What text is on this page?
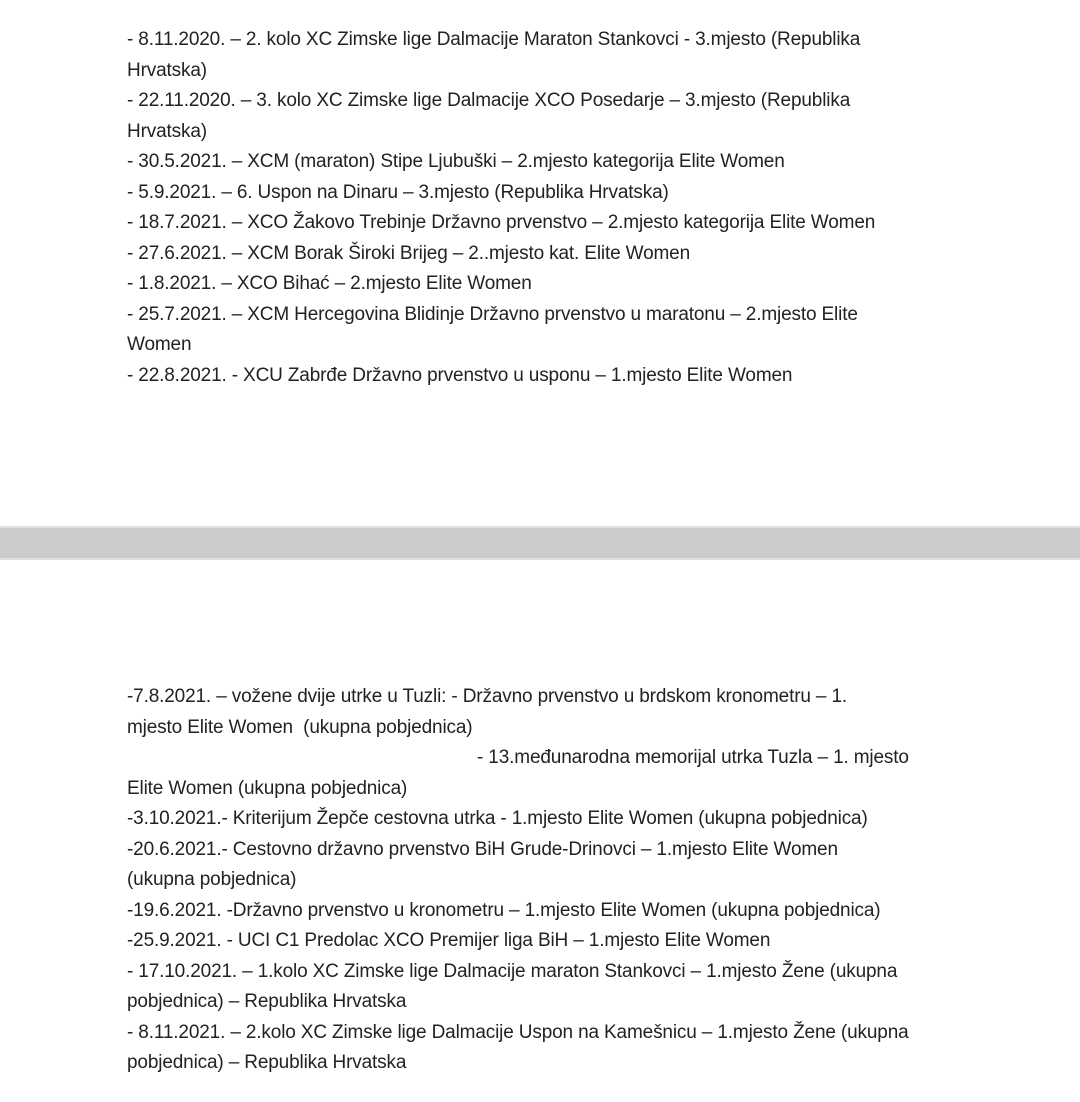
- 8.11.2020. – 2. kolo XC Zimske lige Dalmacije Maraton Stankovci - 3.mjesto (Republika
Hrvatska)
- 22.11.2020. – 3. kolo XC Zimske lige Dalmacije XCO Posedarje – 3.mjesto (Republika
Hrvatska)
- 30.5.2021. – XCM (maraton) Stipe Ljubuški – 2.mjesto kategorija Elite Women
- 5.9.2021. – 6. Uspon na Dinaru – 3.mjesto (Republika Hrvatska)
- 18.7.2021. – XCO Žakovo Trebinje Državno prvenstvo – 2.mjesto kategorija Elite Women
- 27.6.2021. – XCM Borak Široki Brijeg – 2..mjesto kat. Elite Women
- 1.8.2021. – XCO Bihać – 2.mjesto Elite Women
- 25.7.2021. – XCM Hercegovina Blidinje Državno prvenstvo u maratonu – 2.mjesto Elite
Women
- 22.8.2021. - XCU Zabrđe Državno prvenstvo u usponu – 1.mjesto Elite Women
-7.8.2021. – vožene dvije utrke u Tuzli: - Državno prvenstvo u brdskom kronometru – 1.
mjesto Elite Women  (ukupna pobjednica)
- 13.međunarodna memorijal utrka Tuzla – 1. mjesto
Elite Women (ukupna pobjednica)
-3.10.2021.- Kriterijum Žepče cestovna utrka - 1.mjesto Elite Women (ukupna pobjednica)
-20.6.2021.- Cestovno državno prvenstvo BiH Grude-Drinovci – 1.mjesto Elite Women
(ukupna pobjednica)
-19.6.2021. -Državno prvenstvo u kronometru – 1.mjesto Elite Women (ukupna pobjednica)
-25.9.2021. - UCI C1 Predolac XCO Premijer liga BiH – 1.mjesto Elite Women
- 17.10.2021. – 1.kolo XC Zimske lige Dalmacije maraton Stankovci – 1.mjesto Žene (ukupna
pobjednica) – Republika Hrvatska
- 8.11.2021. – 2.kolo XC Zimske lige Dalmacije Uspon na Kamešnicu – 1.mjesto Žene (ukupna
pobjednica) – Republika Hrvatska
